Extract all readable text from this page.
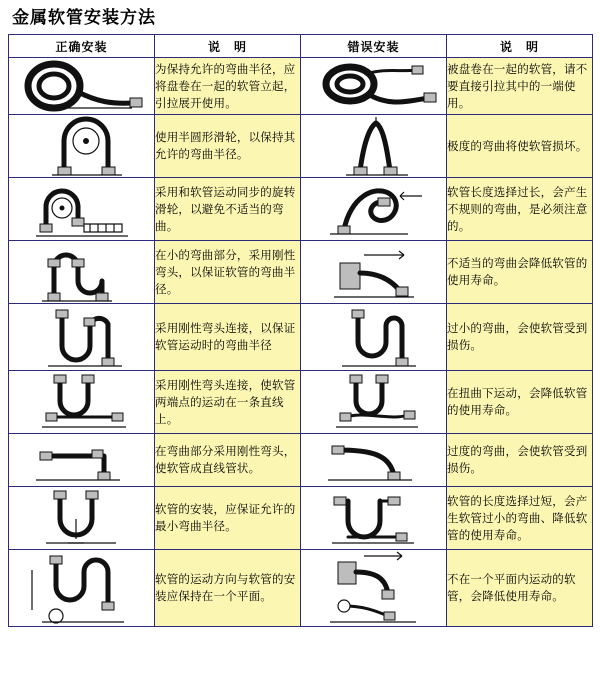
金属软管安装方法
正确安装	说　明	错误安装	说　明

	为保持允许的弯曲半径，应将盘卷在一起的软管立起，引拉展开使用。		被盘卷在一起的软管，请不要直接引拉其中的一端使用。

	使用半圆形滑轮，以保持其允许的弯曲半径。		极度的弯曲将使软管损坏。

	采用和软管运动同步的旋转滑轮，以避免不适当的弯曲。		软管长度选择过长，会产生不规则的弯曲，是必须注意的。

	在小的弯曲部分，采用刚性弯头，以保证软管的弯曲半径。		不适当的弯曲会降低软管的使用寿命。

	采用刚性弯头连接，以保证软管运动时的弯曲半径		过小的弯曲，会使软管受到损伤。

	采用刚性弯头连接，使软管两端点的运动在一条直线上。		在扭曲下运动，会降低软管的使用寿命。

	在弯曲部分采用刚性弯头，使软管成直线管状。		过度的弯曲，会使软管受到损伤。

	软管的安装，应保证允许的最小弯曲半径。		软管的长度选择过短，会产生软管过小的弯曲、降低软管的使用寿命。

	软管的运动方向与软管的安装应保持在一个平面。		不在一个平面内运动的软管，会降低使用寿命。
